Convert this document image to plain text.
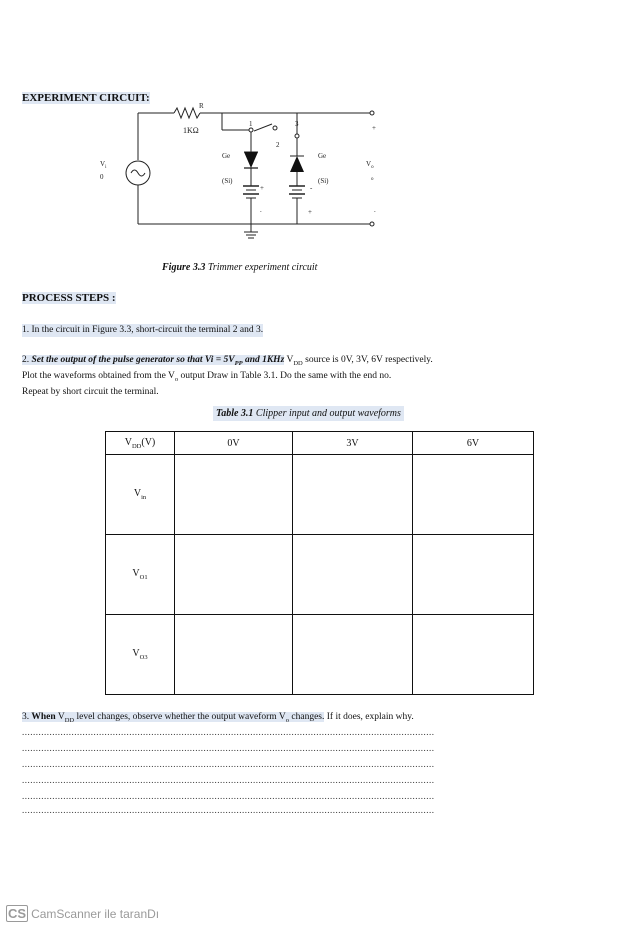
EXPERIMENT CIRCUIT:
R
1KΩ
$V_i$
0
$V_o$
o
1
2
3
Ge
(Si)
Ge
(Si)
+
.
-
+
+
.
Figure 3.3 Trimmer experiment circuit
PROCESS STEPS :
1. In the circuit in Figure 3.3, short-circuit the terminal 2 and 3.
2. Set the output of the pulse generator so that $Vi = 5V_{PP}$ and 1KHz $V_{DD}$ source is 0V, 3V, 6V respectively.
Plot the waveforms obtained from the $V_o$ output Draw in Table 3.1. Do the same with the end no.
Repeat by short circuit the terminal.
Table 3.1 Clipper input and output waveforms
$V_{DD}(V)$	0V	3V	6V
$V_{in}$			
$V_{O1}$			
$V_{O3}$			
3. When $V_{DD}$ level changes, observe whether the output waveform $V_o$ changes. If it does, explain why.
......................................................................................................................................................
......................................................................................................................................................
......................................................................................................................................................
......................................................................................................................................................
......................................................................................................................................................
......................................................................................................................................................
CS CamScanner ile taranDı
